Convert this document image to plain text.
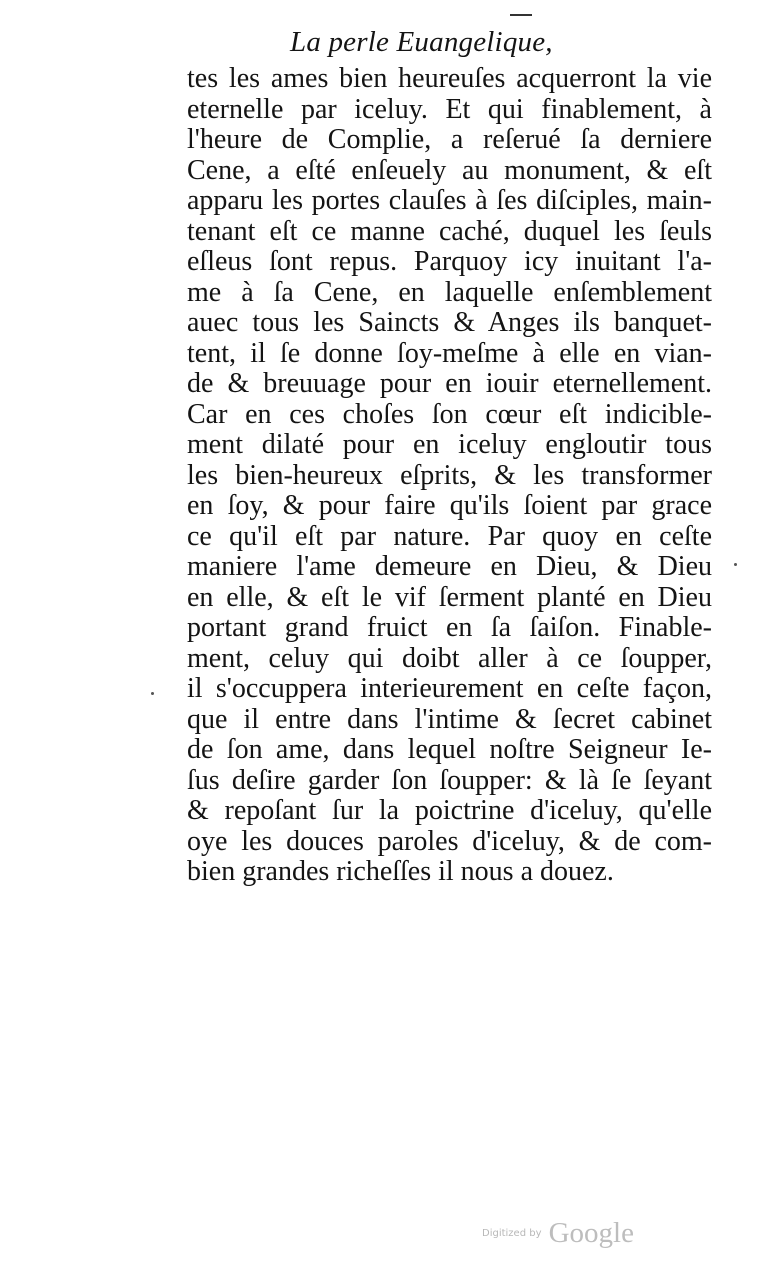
La perle Euangelique,
tes les ames bien heureuſes acquerront la vie
eternelle par iceluy. Et qui finablement, à
l'heure de Complie, a reſerué ſa derniere
Cene, a eſté enſeuely au monument, & eſt
apparu les portes clauſes à ſes diſciples, main-
tenant eſt ce manne caché, duquel les ſeuls
eſleus ſont repus. Parquoy icy inuitant l'a-
me à ſa Cene, en laquelle enſemblement
auec tous les Saincts & Anges ils banquet-
tent, il ſe donne ſoy-meſme à elle en vian-
de & breuuage pour en iouir eternellement.
Car en ces choſes ſon cœur eſt indicible-
ment dilaté pour en iceluy engloutir tous
les bien-heureux eſprits, & les transformer
en ſoy, & pour faire qu'ils ſoient par grace
ce qu'il eſt par nature. Par quoy en ceſte
maniere l'ame demeure en Dieu, & Dieu
en elle, & eſt le vif ſerment planté en Dieu
portant grand fruict en ſa ſaiſon. Finable-
ment, celuy qui doibt aller à ce ſoupper,
il s'occuppera interieurement en ceſte façon,
que il entre dans l'intime & ſecret cabinet
de ſon ame, dans lequel noſtre Seigneur Ie-
ſus deſire garder ſon ſoupper: & là ſe ſeyant
& repoſant ſur la poictrine d'iceluy, qu'elle
oye les douces paroles d'iceluy, & de com-
bien grandes richeſſes il nous a douez.
Digitized by Google
